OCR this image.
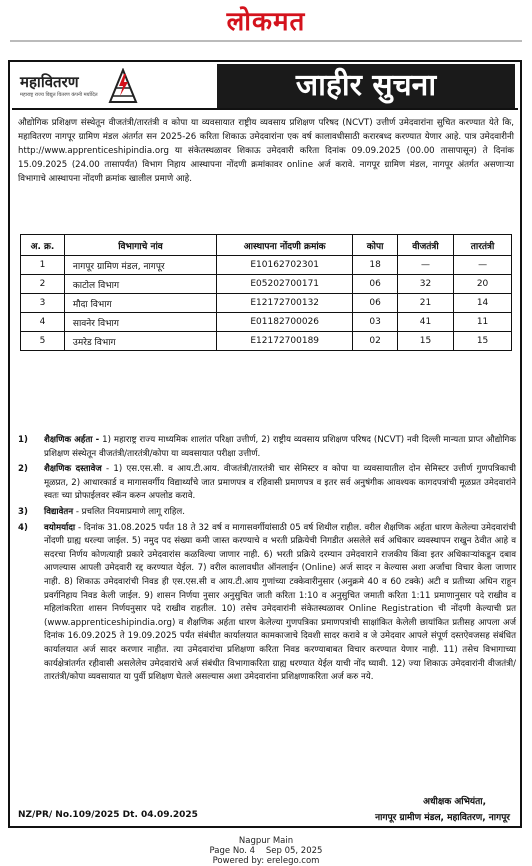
लोकमत
महावितरण
महाराष्ट्र राज्य विद्युत वितरण कंपनी मर्यादित	जाहीर सुचना
औद्योगिक प्रशिक्षण संस्थेतून वीजतंत्री/तारतंत्री व कोपा या व्यवसायात राष्ट्रीय व्यवसाय प्रशिक्षण परिषद (NCVT) उत्तीर्ण उमेदवारांना सुचित करण्यात येते कि, महावितरण नागपूर ग्रामिण मंडल अंतर्गत सन 2025-26 करिता शिकाऊ उमेदवारांना एक वर्ष कालावधीसाठी करारबध्द करण्यात येणार आहे. पात्र उमेदवारीनी http://www.apprenticeshipindia.org या संकेतस्थळावर शिकाऊ उमेदवारी करिता दिनांक 09.09.2025 (00.00 तासापासून) ते दिनांक 15.09.2025 (24.00 तासापर्यंत) विभाग निहाय आस्थापना नोंदणी क्रमांकावर online अर्ज करावे. नागपूर ग्रामिण मंडल, नागपूर अंतर्गत असणाऱ्या विभागाचे आस्थापना नोंदणी क्रमांक खालील प्रमाणे आहे.
अ. क्र.	विभागाचे नांव	आस्थापना नोंदणी क्रमांक	कोपा	वीजतंत्री	तारतंत्री
1	नागपूर ग्रामिण मंडल, नागपूर	E10162702301	18	—	—
2	काटोल विभाग	E05202700171	06	32	20
3	मौदा विभाग	E12172700132	06	21	14
4	सावनेर विभाग	E01182700026	03	41	11
5	उमरेड विभाग	E12172700189	02	15	15
1) शैक्षणिक अर्हता - 1) महाराष्ट्र राज्य माध्यमिक शालांत परिक्षा उत्तीर्ण, 2) राष्ट्रीय व्यवसाय प्रशिक्षण परिषद (NCVT) नवी दिल्ली मान्यता प्राप्त औद्योगिक प्रशिक्षण संस्थेतून वीजतंत्री/तारतंत्री/कोपा या व्यवसायात परीक्षा उत्तीर्ण.
2) शैक्षणिक दस्तावेज - 1) एस.एस.सी. व आय.टी.आय. वीजतंत्री/तारतंत्री चार सेमिस्टर व कोपा या व्यवसायातील दोन सेमिस्टर उत्तीर्ण गुणपत्रिकाची मूळप्रत, 2) आधारकार्ड व मागासवर्गीय विद्यार्थ्यांचे जात प्रमाणपत्र व रहिवासी प्रमाणपत्र व इतर सर्व अनुषंगीक आवश्यक कागदपत्रांची मूळप्रत उमेदवारांने स्वतः च्या प्रोफाईलवर स्कॅन करुन अपलोड करावे.
3) विद्यावेतन - प्रचलित नियमाप्रमाणे लागू राहिल.
4) वयोमर्यादा - दिनांक 31.08.2025 पर्यंत 18 ते 32 वर्ष व मागासवर्गीयांसाठी 05 वर्ष शिथील राहील. वरील शैक्षणिक अर्हता धारण केलेल्या उमेदवारांची नोंदणी ग्राह्य धरल्या जाईल. 5) नमुद पद संख्या कमी जास्त करण्याचे व भरती प्रक्रियेची निगडीत असलेले सर्व अधिकार व्यवस्थापन राखुन ठेवीत आहे व सदरचा निर्णय कोणत्याही प्रकारे उमेदवारांस कळविल्या जाणार नाही. 6) भरती प्रक्रिये दरम्यान उमेदवाराने राजकीय किंवा इतर अधिकाऱ्यांकडून दबाव आणल्यास आपली उमेदवारी रद्द करण्यात येईल. 7) वरील कालावधीत ऑनलाईन (Online) अर्ज सादर न केल्यास अशा अर्जांचा विचार केला जाणार नाही. 8) शिकाऊ उमेदवारांची निवड ही एस.एस.सी व आय.टी.आय गुणांच्या टक्केवारीनुसार (अनुक्रमे 40 व 60 टक्के) अटी व प्रतीच्या अधिन राहून प्रवर्गनिहाय निवड केली जाईल. 9) शासन निर्णया नुसार अनुसुचित जाती करिता 1:10 व अनुसुचित जमाती करिता 1:11 प्रमाणानुसार पदे राखीव व महिलांकरिता शासन निर्णयनुसार पदे राखीव राहतील. 10) तसेच उमेदवारांनी संकेतस्थळावर Online Registration ची नोंदणी केल्याची प्रत (www.apprenticeshipindia.org) व शैक्षणिक अर्हता धारण केलेल्या गुणपत्रिका प्रमाणपत्रांची साक्षांकित केलेली छायांकित प्रतीसह आपला अर्ज दिनांक 16.09.2025 ते 19.09.2025 पर्यंत संबंधीत कार्यालयात कामकाजाचे दिवशी सादर करावे व जे उमेदवार आपले संपूर्ण दस्तऐवजसह संबंधित कार्यालयात अर्ज सादर करणार नाहीत. त्या उमेदवारांचा प्रशिक्षणा करिता निवड करण्याबाबत विचार करण्यात येणार नाही. 11) तसेच विभागाच्या कार्यक्षेत्रांतर्गत रहीवासी असलेलेच उमेदवारांचे अर्ज संबंधीत विभागाकरिता ग्राह्य धरण्यात येईल याची नोंद घ्यावी. 12) ज्या शिकाऊ उमेदवारांनी वीजतंत्री/तारतंत्री/कोपा व्यवसायात या पुर्वी प्रशिक्षण घेतले असल्यास अशा उमेदवारांना प्रशिक्षणाकरिता अर्ज करु नये.
अधीक्षक अभियंता,
NZ/PR/ No.109/2025 Dt. 04.09.2025	नागपूर ग्रामीण मंडल, महावितरण, नागपूर
Nagpur Main
Page No. 4    Sep 05, 2025
Powered by: erelego.com
